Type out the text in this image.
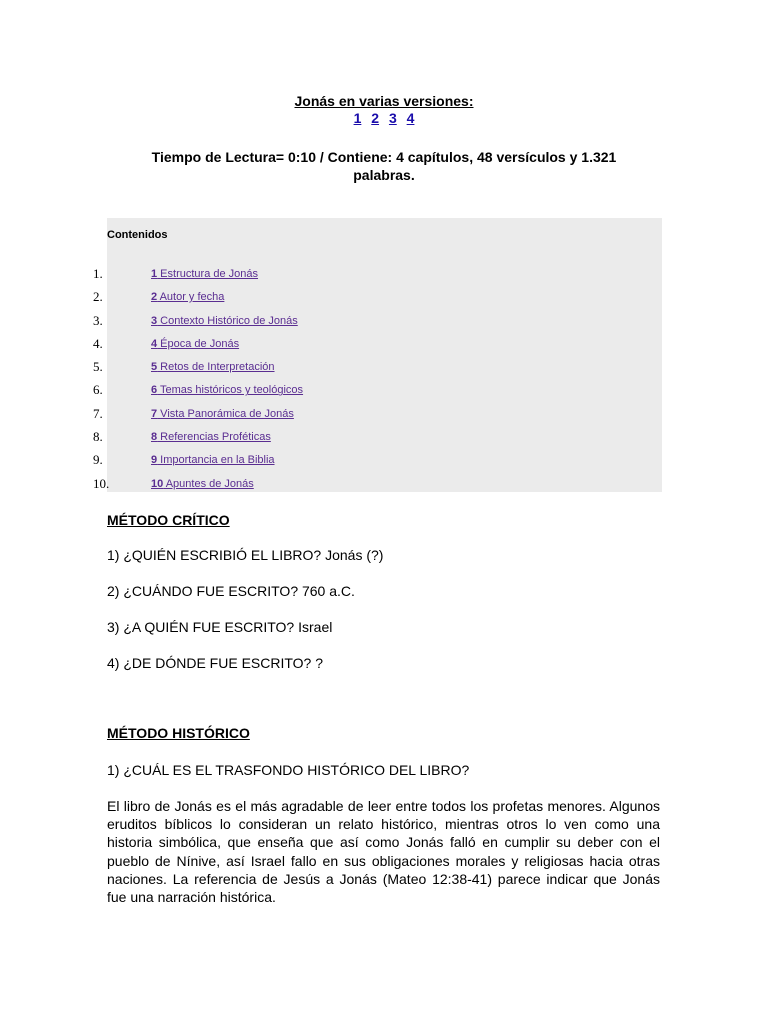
Jonás en varias versiones:
1 2 3 4
Tiempo de Lectura= 0:10 / Contiene: 4 capítulos, 48 versículos y 1.321 palabras.
Contenidos
1.	1 Estructura de Jonás
2.	2 Autor y fecha
3.	3 Contexto Histórico de Jonás
4.	4 Época de Jonás
5.	5 Retos de Interpretación
6.	6 Temas históricos y teológicos
7.	7 Vista Panorámica de Jonás
8.	8 Referencias Proféticas
9.	9 Importancia en la Biblia
10.	10 Apuntes de Jonás
MÉTODO CRÍTICO
1) ¿QUIÉN ESCRIBIÓ EL LIBRO? Jonás (?)
2) ¿CUÁNDO FUE ESCRITO? 760 a.C.
3) ¿A QUIÉN FUE ESCRITO? Israel
4) ¿DE DÓNDE FUE ESCRITO? ?
MÉTODO HISTÓRICO
1) ¿CUÁL ES EL TRASFONDO HISTÓRICO DEL LIBRO?
El libro de Jonás es el más agradable de leer entre todos los profetas menores. Algunos eruditos bíblicos lo consideran un relato histórico, mientras otros lo ven como una historia simbólica, que enseña que así como Jonás falló en cumplir su deber con el pueblo de Nínive, así Israel fallo en sus obligaciones morales y religiosas hacia otras naciones. La referencia de Jesús a Jonás (Mateo 12:38-41) parece indicar que Jonás fue una narración histórica.
